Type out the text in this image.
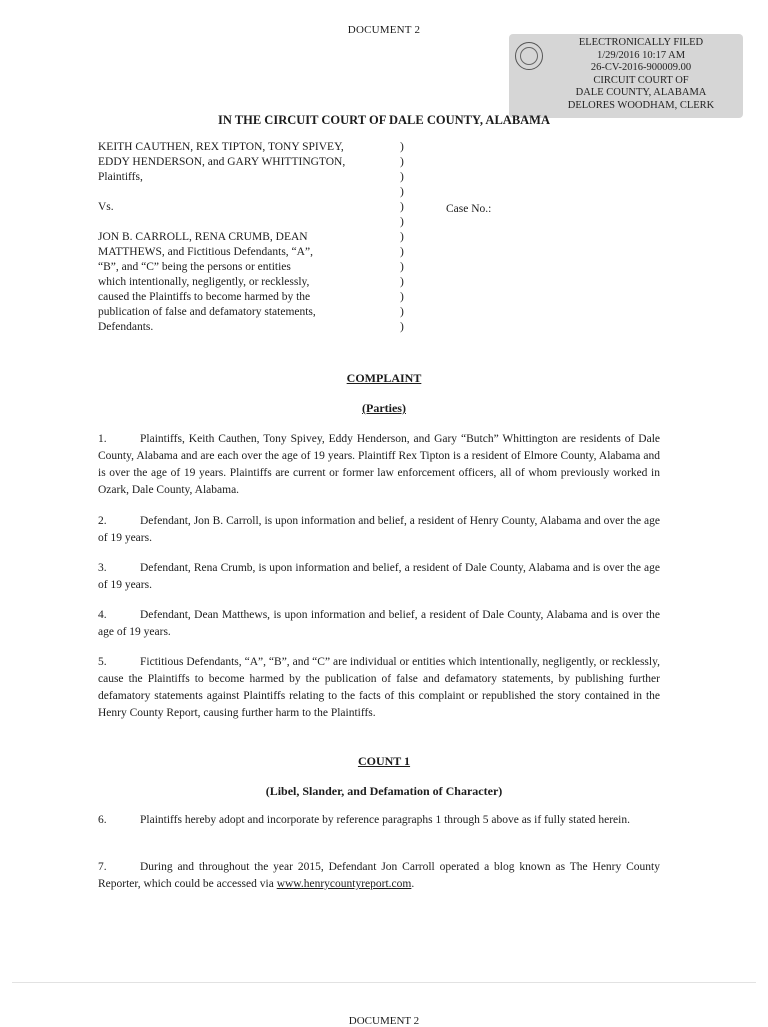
DOCUMENT 2
ELECTRONICALLY FILED
1/29/2016 10:17 AM
26-CV-2016-900009.00
CIRCUIT COURT OF
DALE COUNTY, ALABAMA
DELORES WOODHAM, CLERK
IN THE CIRCUIT COURT OF DALE COUNTY, ALABAMA
KEITH CAUTHEN, REX TIPTON, TONY SPIVEY,
EDDY HENDERSON, and GARY WHITTINGTON,
Plaintiffs,
Vs.
JON B. CARROLL, RENA CRUMB, DEAN
MATTHEWS, and Fictitious Defendants, “A”,
“B”, and “C” being the persons or entities
which intentionally, negligently, or recklessly,
caused the Plaintiffs to become harmed by the
publication of false and defamatory statements,
Defendants.
)
)
)
)
)
)
)
)
)
)
)
)
)
Case No.:
COMPLAINT
(Parties)
1.	Plaintiffs, Keith Cauthen, Tony Spivey, Eddy Henderson, and Gary “Butch” Whittington are residents of Dale County, Alabama and are each over the age of 19 years. Plaintiff Rex Tipton is a resident of Elmore County, Alabama and is over the age of 19 years. Plaintiffs are current or former law enforcement officers, all of whom previously worked in Ozark, Dale County, Alabama.
2.	Defendant, Jon B. Carroll, is upon information and belief, a resident of Henry County, Alabama and over the age of 19 years.
3.	Defendant, Rena Crumb, is upon information and belief, a resident of Dale County, Alabama and is over the age of 19 years.
4.	Defendant, Dean Matthews, is upon information and belief, a resident of Dale County, Alabama and is over the age of 19 years.
5.	Fictitious Defendants, “A”, “B”, and “C” are individual or entities which intentionally, negligently, or recklessly, cause the Plaintiffs to become harmed by the publication of false and defamatory statements, by publishing further defamatory statements against Plaintiffs relating to the facts of this complaint or republished the story contained in the Henry County Report, causing further harm to the Plaintiffs.
COUNT 1
(Libel, Slander, and Defamation of Character)
6.	Plaintiffs hereby adopt and incorporate by reference paragraphs 1 through 5 above as if fully stated herein.
7.	During and throughout the year 2015, Defendant Jon Carroll operated a blog known as The Henry County Reporter, which could be accessed via www.henrycountyreport.com.
DOCUMENT 2
